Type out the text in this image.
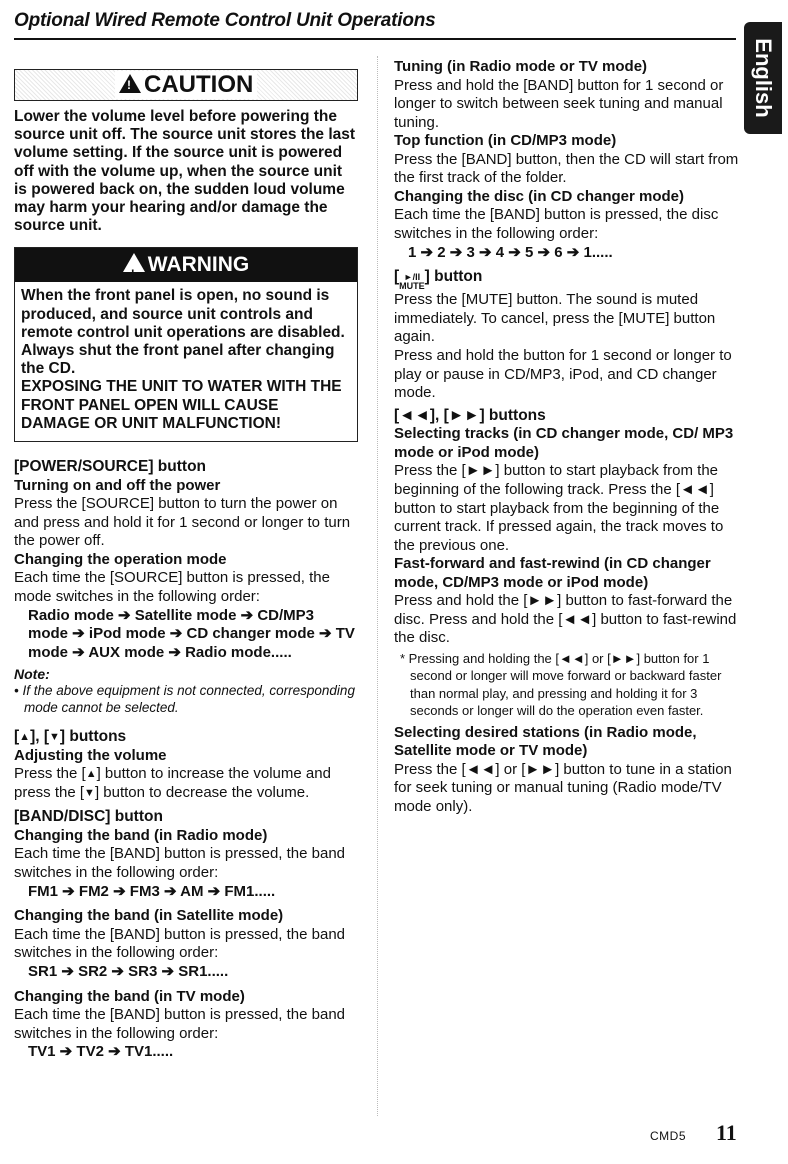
Optional Wired Remote Control Unit Operations
English
!CAUTION
Lower the volume level before powering the source unit off. The source unit stores the last volume setting. If the source unit is powered off with the volume up, when the source unit is powered back on, the sudden loud volume may harm your hearing and/or damage the source unit.
!WARNING
When the front panel is open, no sound is produced, and source unit controls and remote control unit operations are disabled. Always shut the front panel after changing the CD.
EXPOSING THE UNIT TO WATER WITH THE FRONT PANEL OPEN WILL CAUSE DAMAGE OR UNIT MALFUNCTION!
[POWER/SOURCE] button
Turning on and off the power
Press the [SOURCE] button to turn the power on and press and hold it for 1 second or longer to turn the power off.
Changing the operation mode
Each time the [SOURCE] button is pressed, the mode switches in the following order:
Radio mode ➔ Satellite mode ➔ CD/MP3 mode ➔ iPod mode ➔ CD changer mode ➔ TV mode ➔ AUX mode ➔ Radio mode.....
Note:
• If the above equipment is not connected, corresponding mode cannot be selected.
[▲], [▼] buttons
Adjusting the volume
Press the [▲] button to increase the volume and press the [▼] button to decrease the volume.
[BAND/DISC] button
Changing the band (in Radio mode)
Each time the [BAND] button is pressed, the band switches in the following order:
FM1 ➔ FM2 ➔ FM3 ➔ AM ➔ FM1.....
Changing the band (in Satellite mode)
Each time the [BAND] button is pressed, the band switches in the following order:
SR1 ➔ SR2 ➔ SR3 ➔ SR1.....
Changing the band (in TV mode)
Each time the [BAND] button is pressed, the band switches in the following order:
TV1 ➔ TV2 ➔ TV1.....
Tuning (in Radio mode or TV mode)
Press and hold the [BAND] button for 1 second or longer to switch between seek tuning and manual tuning.
Top function (in CD/MP3 mode)
Press the [BAND] button, then the CD will start from the first track of the folder.
Changing the disc (in CD changer mode)
Each time the [BAND] button is pressed, the disc switches in the following order:
1 ➔ 2 ➔ 3 ➔ 4 ➔ 5 ➔ 6 ➔ 1.....
[ ►/II
MUTE
] button
Press the [MUTE] button. The sound is muted immediately. To cancel, press the [MUTE] button again.
Press and hold the button for 1 second or longer to play or pause in CD/MP3, iPod, and CD changer mode.
[◄◄], [►►] buttons
Selecting tracks (in CD changer mode, CD/ MP3 mode or iPod mode)
Press the [►►] button to start playback from the beginning of the following track. Press the [◄◄] button to start playback from the beginning of the current track. If pressed again, the track moves to the previous one.
Fast-forward and fast-rewind (in CD changer mode, CD/MP3 mode or iPod mode)
Press and hold the [►►] button to fast-forward the disc. Press and hold the [◄◄] button to fast-rewind the disc.
* Pressing and holding the [◄◄] or [►►] button for 1 second or longer will move forward or backward faster than normal play, and pressing and holding it for 3 seconds or longer will do the operation even faster.
Selecting desired stations (in Radio mode, Satellite mode or TV mode)
Press the [◄◄] or [►►] button to tune in a station for seek tuning or manual tuning (Radio mode/TV mode only).
CMD5 11
